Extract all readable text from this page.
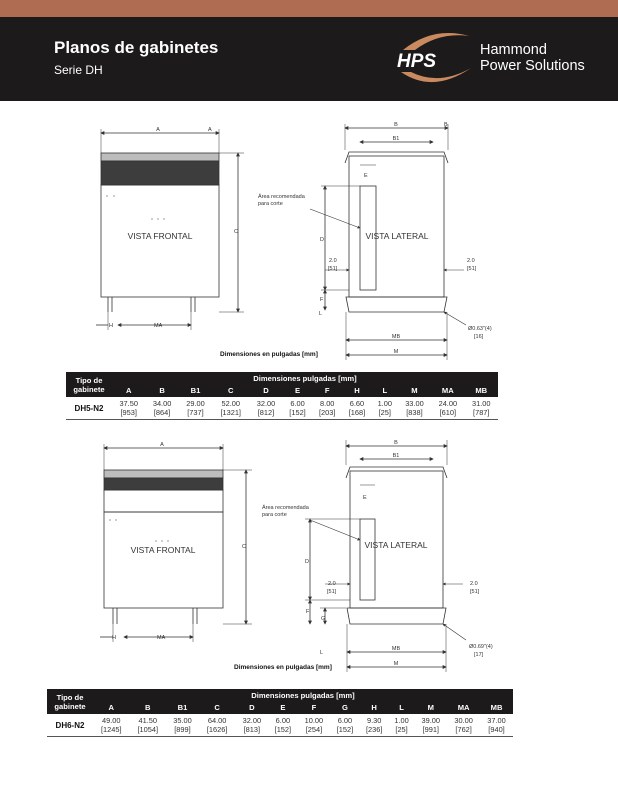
Planos de gabinetes
Serie DH	HPS
Hammond
Power Solutions
VISTA FRONTAL	VISTA LATERAL
Área recomendada
para corte
A	A
C
H	MA
B	B
B1
E
D
F
L
MB
M
2.0
[51]
2.0
[51]
Ø0.63"(4)
[16]
Dimensiones en pulgadas [mm]
VISTA FRONTAL	VISTA LATERAL
Área recomendada
para corte
A
C
H	MA
B
B1
E
D
F
G
L
MB
M
2.0
[51]
2.0
[51]
Ø0.69"(4)
[17]
Dimensiones en pulgadas [mm]
Tipo de
gabinete	Dimensiones pulgadas [mm]											
	A	B	B1	C	D	E	F	H	L	M	MA	MB
DH5-N2	37.50
[953]	34.00
[864]	29.00
[737]	52.00
[1321]	32.00
[812]	6.00
[152]	8.00
[203]	6.60
[168]	1.00
[25]	33.00
[838]	24.00
[610]	31.00
[787]
Tipo de
gabinete	Dimensiones pulgadas [mm]												
	A	B	B1	C	D	E	F	G	H	L	M	MA	MB
DH6-N2	49.00
[1245]	41.50
[1054]	35.00
[899]	64.00
[1626]	32.00
[813]	6.00
[152]	10.00
[254]	6.00
[152]	9.30
[236]	1.00
[25]	39.00
[991]	30.00
[762]	37.00
[940]
